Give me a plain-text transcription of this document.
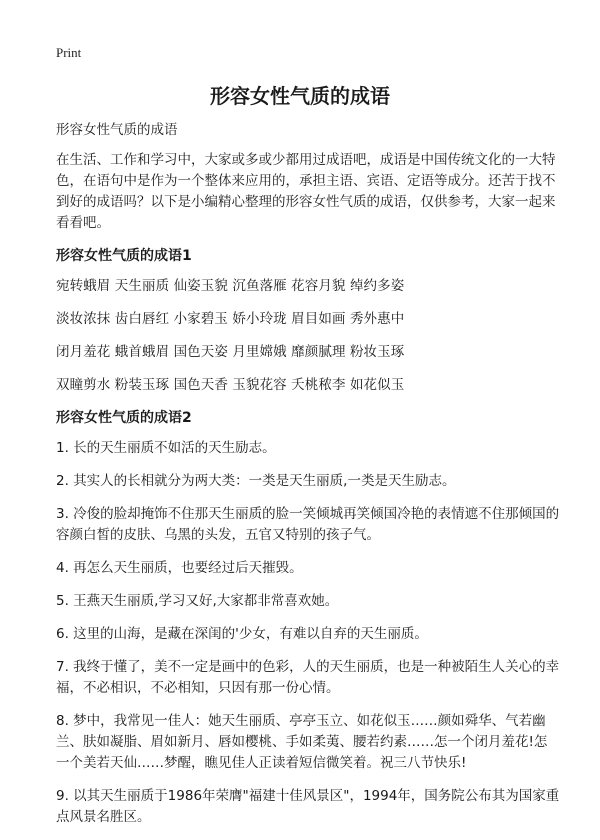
Print
形容女性气质的成语

形容女性气质的成语

在生活、工作和学习中，大家或多或少都用过成语吧，成语是中国传统文化的一大特色，在语句中是作为一个整体来应用的，承担主语、宾语、定语等成分。还苦于找不到好的成语吗？以下是小编精心整理的形容女性气质的成语，仅供参考，大家一起来看看吧。

形容女性气质的成语1

宛转蛾眉 天生丽质 仙姿玉貌 沉鱼落雁 花容月貌 绰约多姿

淡妆浓抹 齿白唇红 小家碧玉 娇小玲珑 眉目如画 秀外惠中

闭月羞花 蛾首蛾眉 国色天姿 月里嫦娥 靡颜腻理 粉妆玉琢

双瞳剪水 粉装玉琢 国色天香 玉貌花容 夭桃秾李 如花似玉

形容女性气质的成语2

1. 长的天生丽质不如活的天生励志。

2. 其实人的长相就分为两大类：一类是天生丽质,一类是天生励志。

3. 冷俊的脸却掩饰不住那天生丽质的脸一笑倾城再笑倾国冷艳的表情遮不住那倾国的容颜白皙的皮肤、乌黑的头发，五官又特别的孩子气。

4. 再怎么天生丽质，也要经过后天摧毁。

5. 王燕天生丽质,学习又好,大家都非常喜欢她。

6. 这里的山海，是藏在深闺的'少女，有难以自弃的天生丽质。

7. 我终于懂了，美不一定是画中的色彩，人的天生丽质，也是一种被陌生人关心的幸福，不必相识，不必相知，只因有那一份心情。

8. 梦中，我常见一佳人：她天生丽质、亭亭玉立、如花似玉……颜如舜华、气若幽兰、肤如凝脂、眉如新月、唇如樱桃、手如柔荑、腰若约素……怎一个闭月羞花!怎一个美若天仙……梦醒，瞧见佳人正读着短信微笑着。祝三八节快乐!

9. 以其天生丽质于1986年荣膺"福建十佳风景区"，1994年，国务院公布其为国家重点风景名胜区。
